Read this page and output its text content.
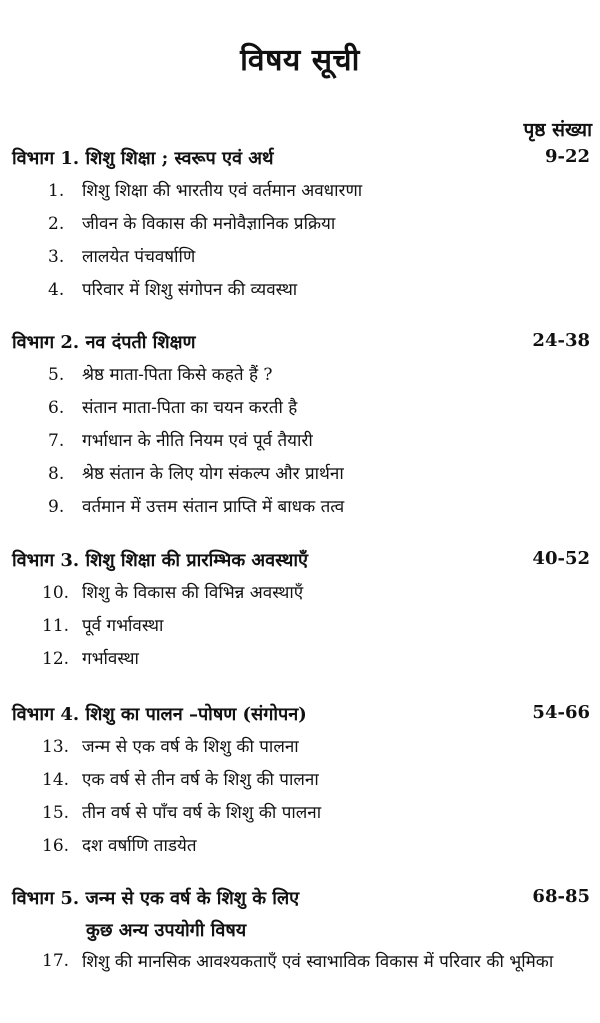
विषय सूची
पृष्ठ संख्या
विभाग 1. शिशु शिक्षा ; स्वरूप एवं अर्थ	9-22
1.	शिशु शिक्षा की भारतीय एवं वर्तमान अवधारणा
2.	जीवन के विकास की मनोवैज्ञानिक प्रक्रिया
3.	लालयेत पंचवर्षाणि
4.	परिवार में शिशु संगोपन की व्यवस्था
विभाग 2. नव दंपती शिक्षण	24-38
5.	श्रेष्ठ माता-पिता किसे कहते हैं ?
6.	संतान माता-पिता का चयन करती है
7.	गर्भाधान के नीति नियम एवं पूर्व तैयारी
8.	श्रेष्ठ संतान के लिए योग संकल्प और प्रार्थना
9.	वर्तमान में उत्तम संतान प्राप्ति में बाधक तत्व
विभाग 3. शिशु शिक्षा की प्रारम्भिक अवस्थाएँ	40-52
10. शिशु के विकास की विभिन्न अवस्थाएँ
11. पूर्व गर्भावस्था
12. गर्भावस्था
विभाग 4. शिशु का पालन –पोषण (संगोपन)	54-66
13. जन्म से एक वर्ष के शिशु की पालना
14. एक वर्ष से तीन वर्ष के शिशु की पालना
15. तीन वर्ष से पाँच वर्ष के शिशु की पालना
16. दश वर्षाणि ताडयेत
विभाग 5. जन्म से एक वर्ष के शिशु के लिए	68-85
कुछ अन्य उपयोगी विषय
17. शिशु की मानसिक आवश्यकताएँ एवं स्वाभाविक विकास में परिवार की भूमिका
